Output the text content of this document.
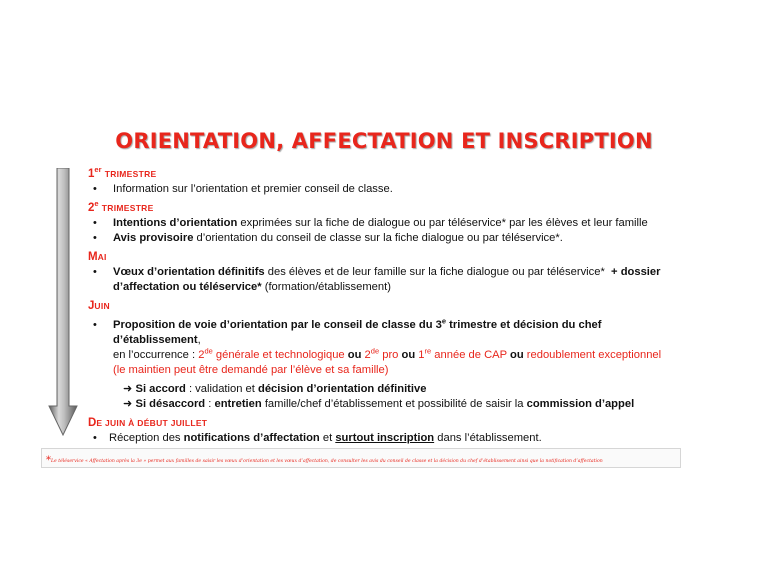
ORIENTATION, AFFECTATION ET INSCRIPTION

1er TRIMESTRE

• Information sur l’orientation et premier conseil de classe.

2e TRIMESTRE

• Intentions d’orientation exprimées sur la fiche de dialogue ou par téléservice* par les élèves et leur famille
• Avis provisoire d’orientation du conseil de classe sur la fiche dialogue ou par téléservice*.

MAI

• Vœux d’orientation définitifs des élèves et de leur famille sur la fiche dialogue ou par téléservice*  + dossier
d’affectation ou téléservice* (formation/établissement)

JUIN

• Proposition de voie d’orientation par le conseil de classe du 3e trimestre et décision du chef d’établissement,
en l’occurrence : 2de générale et technologique ou 2de pro ou 1re année de CAP ou redoublement exceptionnel
(le maintien peut être demandé par l’élève et sa famille)
➜ Si accord : validation et décision d’orientation définitive
➜ Si désaccord : entretien famille/chef d’établissement et possibilité de saisir la commission d’appel

DE JUIN À DÉBUT JUILLET

• Réception des notifications d’affectation et surtout inscription dans l’établissement.
*Le téléservice « Affectation après la 3e » permet aux familles de saisir les vœux d’orientation et les vœux d’affectation, de consulter les avis du conseil de classe et la décision du chef d’établissement ainsi que la notification d’affectation
